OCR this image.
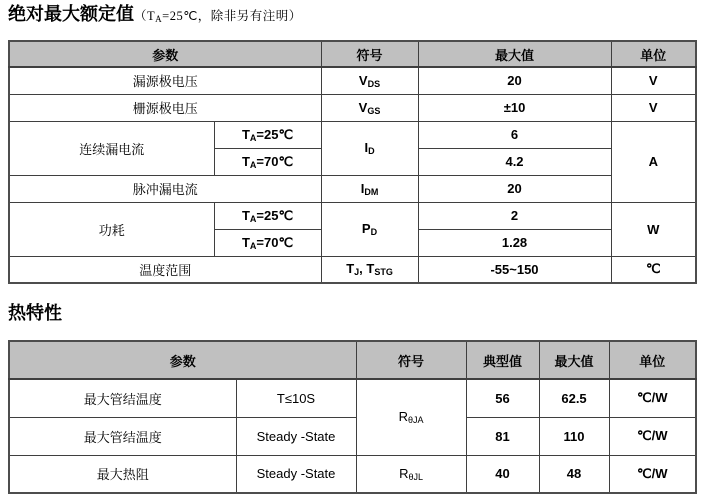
绝对最大额定值（TA=25℃，除非另有注明）
参数		符号	最大值	单位
漏源极电压		VDS	20	V
栅源极电压		VGS	±10	V
连续漏电流	TA=25℃	ID	6	A
	TA=70℃		4.2	
脉冲漏电流		IDM	20	
功耗	TA=25℃	PD	2	W
	TA=70℃		1.28	
温度范围		TJ, TSTG	-55~150	℃
热特性
参数		符号	典型值	最大值	单位
最大管结温度	T≤10S	RθJA	56	62.5	℃/W
最大管结温度	Steady -State		81	110	℃/W
最大热阻	Steady -State	RθJL	40	48	℃/W
